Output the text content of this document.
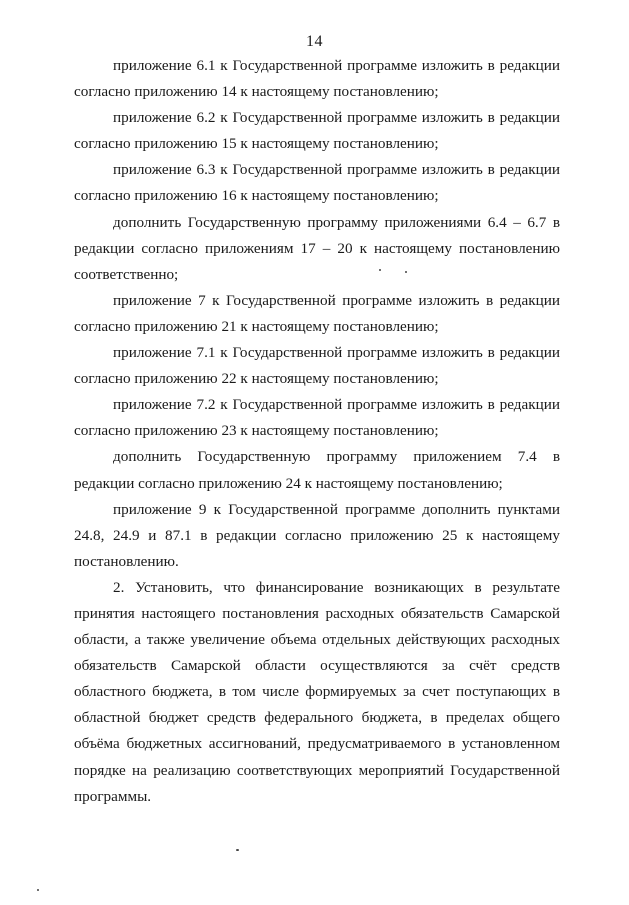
14

приложение 6.1 к Государственной программе изложить в редакции согласно приложению 14 к настоящему постановлению;

приложение 6.2 к Государственной программе изложить в редакции согласно приложению 15 к настоящему постановлению;

приложение 6.3 к Государственной программе изложить в редакции согласно приложению 16 к настоящему постановлению;

дополнить Государственную программу приложениями 6.4 – 6.7 в редакции согласно приложениям 17 – 20 к настоящему постановлению соответственно;

приложение 7 к Государственной программе изложить в редакции согласно приложению 21 к настоящему постановлению;

приложение 7.1 к Государственной программе изложить в редакции согласно приложению 22 к настоящему постановлению;

приложение 7.2 к Государственной программе изложить в редакции согласно приложению 23 к настоящему постановлению;

дополнить Государственную программу приложением 7.4 в редакции согласно приложению 24 к настоящему постановлению;

приложение 9 к Государственной программе дополнить пунктами 24.8, 24.9 и 87.1 в редакции согласно приложению 25 к настоящему постановлению.

2. Установить, что финансирование возникающих в результате принятия настоящего постановления расходных обязательств Самарской области, а также увеличение объема отдельных действующих расходных обязательств Самарской области осуществляются за счёт средств областного бюджета, в том числе формируемых за счет поступающих в областной бюджет средств федерального бюджета, в пределах общего объёма бюджетных ассигнований, предусматриваемого в установленном порядке на реализацию соответствующих мероприятий Государственной программы.
